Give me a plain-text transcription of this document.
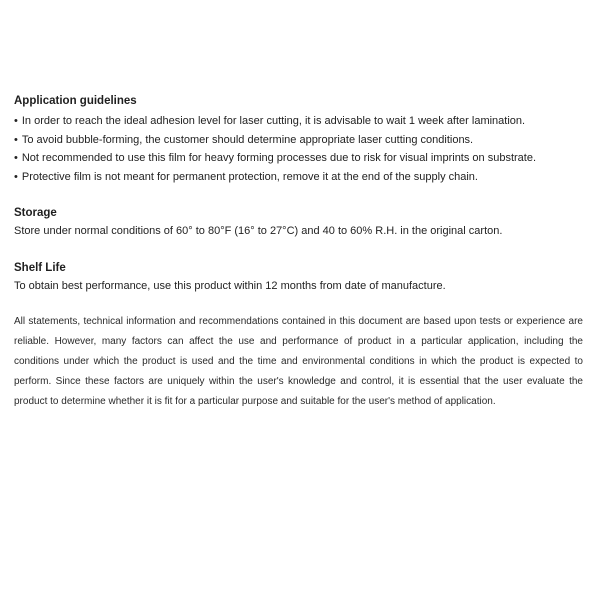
Application guidelines
• In order to reach the ideal adhesion level for laser cutting, it is advisable to wait 1 week after lamination.
• To avoid bubble-forming, the customer should determine appropriate laser cutting conditions.
• Not recommended to use this film for heavy forming processes due to risk for visual imprints on substrate.
• Protective film is not meant for permanent protection, remove it at the end of the supply chain.
Storage

Store under normal conditions of 60° to 80°F (16° to 27°C) and 40 to 60% R.H. in the original carton.

Shelf Life

To obtain best performance, use this product within 12 months from date of manufacture.

All statements, technical information and recommendations contained in this document are based upon tests or experience are reliable. However, many factors can affect the use and performance of product in a particular application, including the conditions under which the product is used and the time and environmental conditions in which the product is expected to perform. Since these factors are uniquely within the user's knowledge and control, it is essential that the user evaluate the product to determine whether it is fit for a particular purpose and suitable for the user's method of application.
